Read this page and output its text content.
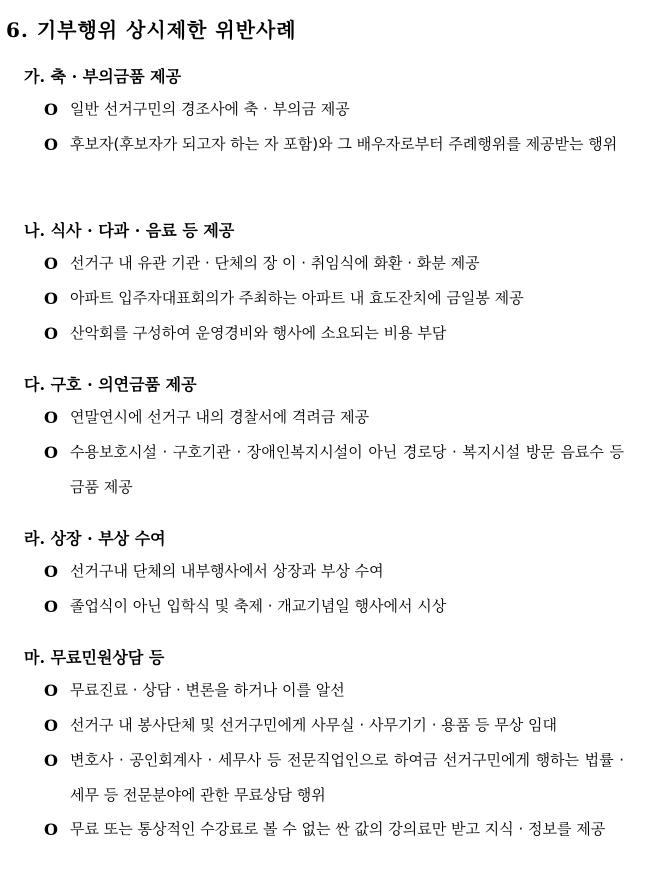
6. 기부행위 상시제한 위반사례
가. 축 · 부의금품 제공
O 일반 선거구민의 경조사에 축 · 부의금 제공
O 후보자(후보자가 되고자 하는 자 포함)와 그 배우자로부터 주례행위를 제공받는 행위
나. 식사 · 다과 · 음료 등 제공
O 선거구 내 유관 기관 · 단체의 장 이 · 취임식에 화환 · 화분 제공
O 아파트 입주자대표회의가 주최하는 아파트 내 효도잔치에 금일봉 제공
O 산악회를 구성하여 운영경비와 행사에 소요되는 비용 부담
다. 구호 · 의연금품 제공
O 연말연시에 선거구 내의 경찰서에 격려금 제공
O 수용보호시설 · 구호기관 · 장애인복지시설이 아닌 경로당 · 복지시설 방문 음료수 등 금품 제공
라. 상장 · 부상 수여
O 선거구내 단체의 내부행사에서 상장과 부상 수여
O 졸업식이 아닌 입학식 및 축제 · 개교기념일 행사에서 시상
마. 무료민원상담 등
O 무료진료 · 상담 · 변론을 하거나 이를 알선
O 선거구 내 봉사단체 및 선거구민에게 사무실 · 사무기기 · 용품 등 무상 임대
O 변호사 · 공인회계사 · 세무사 등 전문직업인으로 하여금 선거구민에게 행하는 법률 · 세무 등 전문분야에 관한 무료상담 행위
O 무료 또는 통상적인 수강료로 볼 수 없는 싼 값의 강의료만 받고 지식 · 정보를 제공
